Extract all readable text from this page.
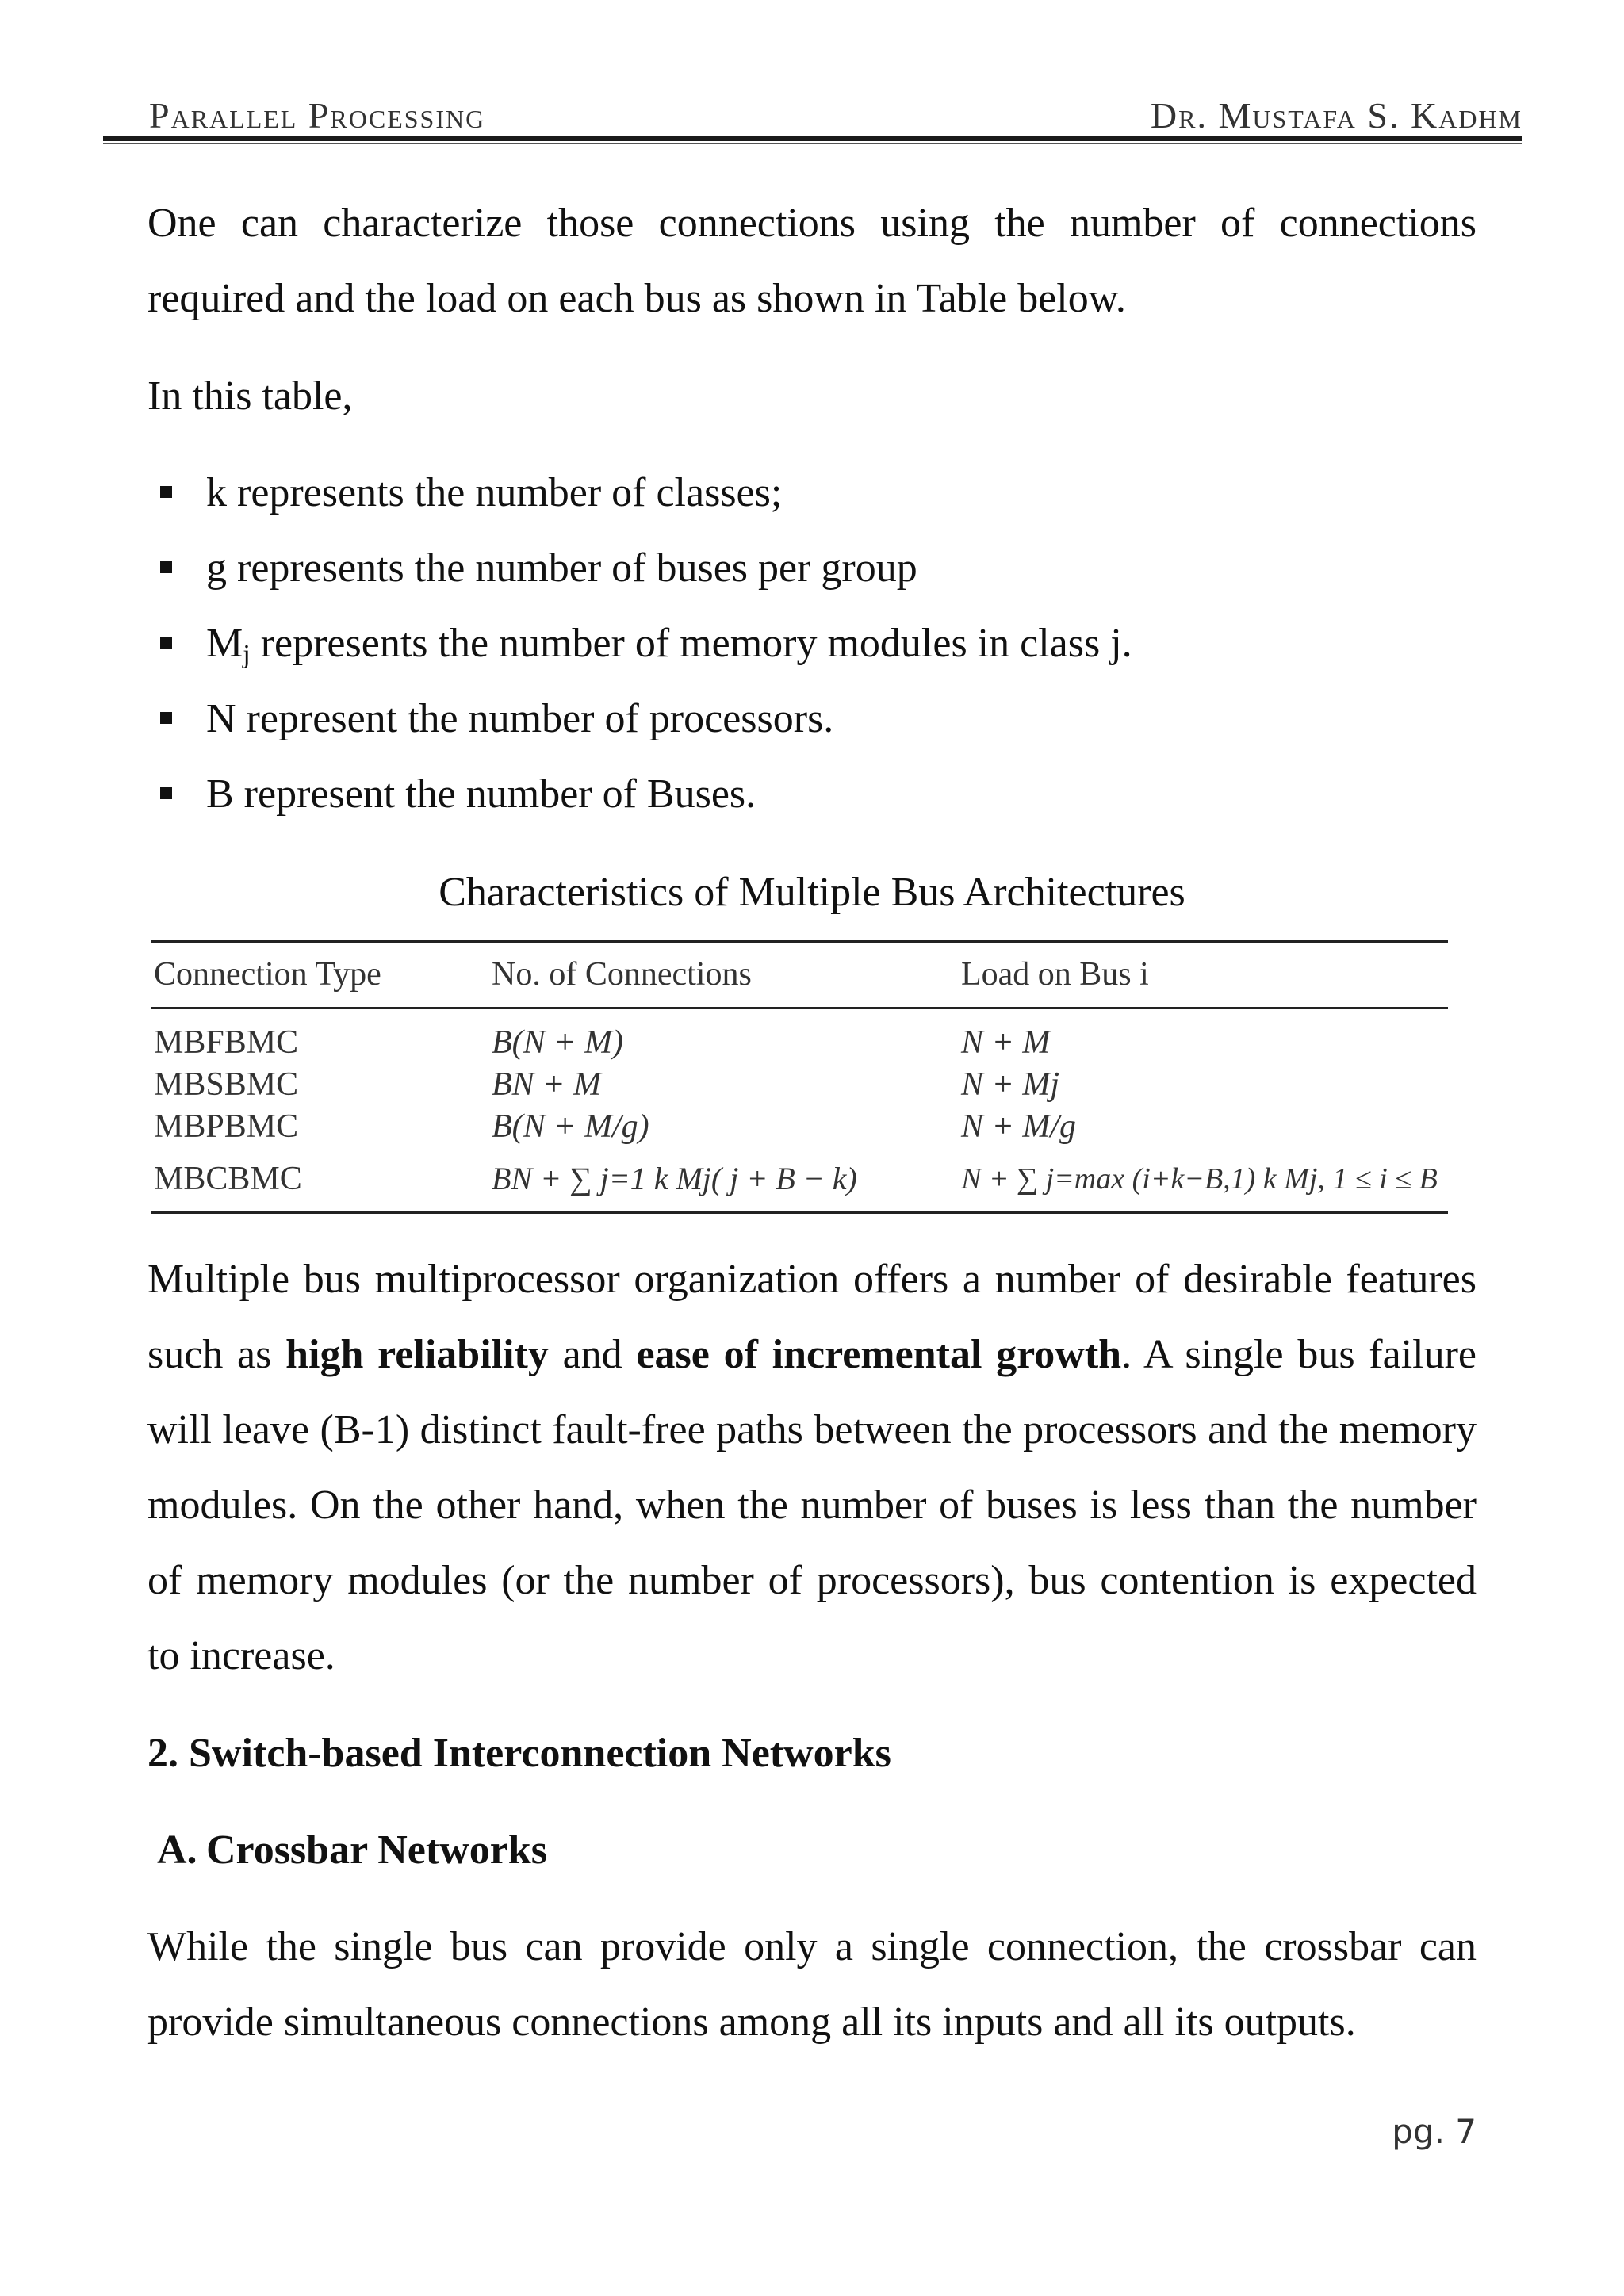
Parallel Processing	Dr. Mustafa S. Kadhm

One can characterize those connections using the number of connections required and the load on each bus as shown in Table below.

In this table,

k represents the number of classes;
g represents the number of buses per group
$M_j$ represents the number of memory modules in class j.
N represent the number of processors.
B represent the number of Buses.

Characteristics of Multiple Bus Architectures

Connection Type	No. of Connections	Load on Bus i
MBFBMC	B(N + M)	N + M
MBSBMC	BN + M	N + Mj
MBPBMC	B(N + M/g)	N + M/g
MBCBMC	BN + ∑ j=1 k Mj( j + B − k)	N + ∑ j=max (i+k−B,1) k Mj, 1 ≤ i ≤ B

Multiple bus multiprocessor organization offers a number of desirable features such as high reliability and ease of incremental growth. A single bus failure will leave (B-1) distinct fault-free paths between the processors and the memory modules. On the other hand, when the number of buses is less than the number of memory modules (or the number of processors), bus contention is expected to increase.

2. Switch-based Interconnection Networks

A. Crossbar Networks

While the single bus can provide only a single connection, the crossbar can provide simultaneous connections among all its inputs and all its outputs.

pg. 7
